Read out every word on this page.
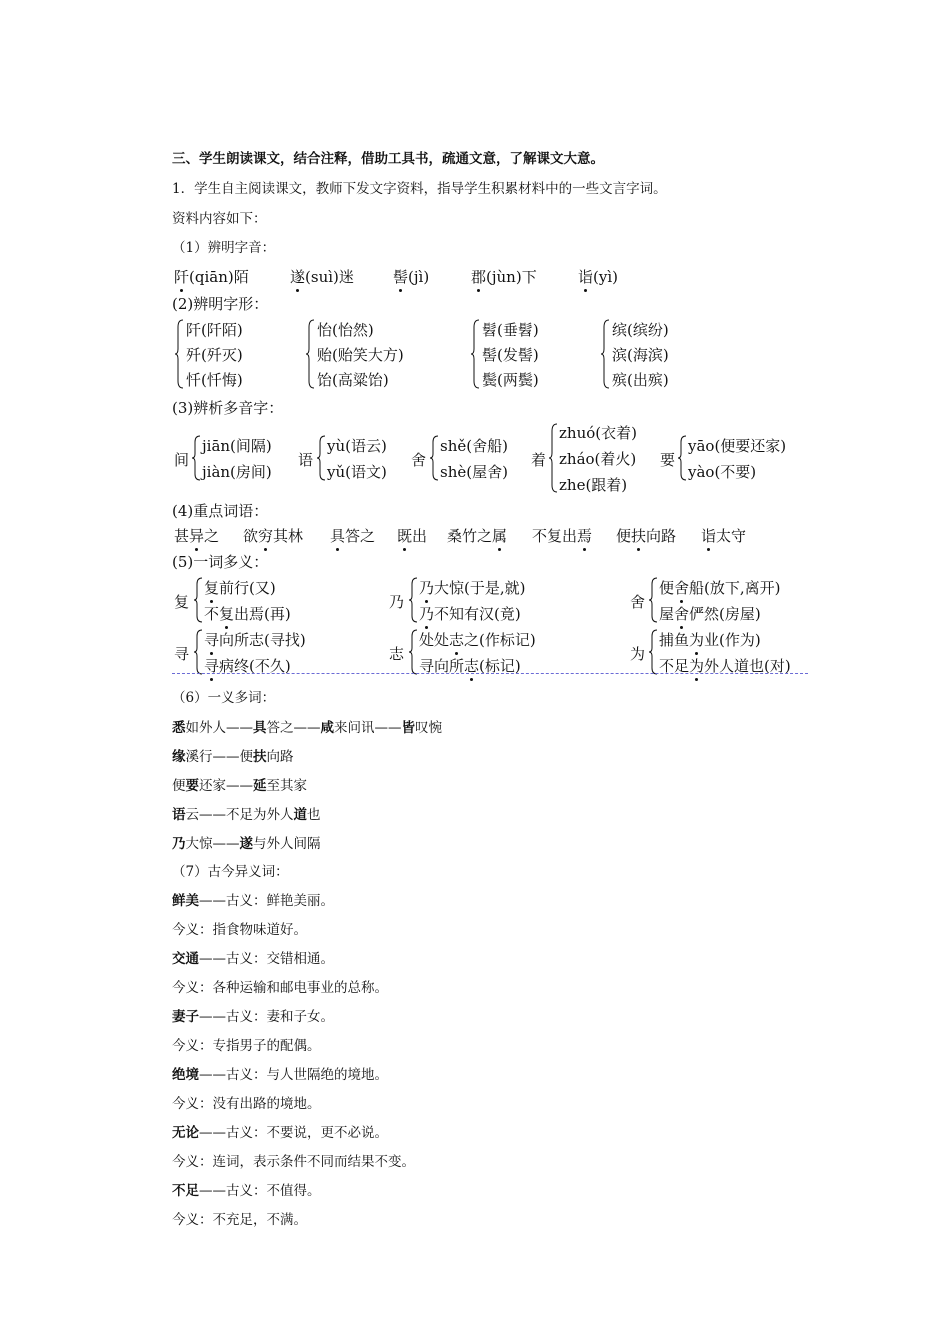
三、学生朗读课文，结合注释，借助工具书，疏通文意，了解课文大意。
1．学生自主阅读课文，教师下发文字资料，指导学生积累材料中的一些文言字词。
资料内容如下：
（1）辨明字音：
阡(qiān)陌	遂(suì)迷	髻(jì)	郡(jùn)下	诣(yì)
(2)辨明字形：
阡(阡陌)
歼(歼灭)
忏(忏悔)
怡(怡然)
贻(贻笑大方)
饴(高粱饴)
髫(垂髫)
髻(发髻)
鬓(两鬓)
缤(缤纷)
滨(海滨)
殡(出殡)
(3)辨析多音字：
间
jiān(间隔)
jiàn(房间)
语
yù(语云)
yǔ(语文)
舍
shě(舍船)
shè(屋舍)
着
zhuó(衣着)
zháo(着火)
zhe(跟着)
要
yāo(便要还家)
yào(不要)
(4)重点词语：
甚异之 欲穷其林 具答之 既出 桑竹之属 不复出焉 便扶向路 诣太守
(5)一词多义：
复
复前行(又)
不复出焉(再)
乃
乃大惊(于是,就)
乃不知有汉(竟)
舍
便舍船(放下,离开)
屋舍俨然(房屋)
寻
寻向所志(寻找)
寻病终(不久)
志
处处志之(作标记)
寻向所志(标记)
为
捕鱼为业(作为)
不足为外人道也(对)
（6）一义多词：
悉如外人——具答之——咸来问讯——皆叹惋
缘溪行——便扶向路
便要还家——延至其家
语云——不足为外人道也
乃大惊——遂与外人间隔
（7）古今异义词：
鲜美——古义：鲜艳美丽。
今义：指食物味道好。
交通——古义：交错相通。
今义：各种运输和邮电事业的总称。
妻子——古义：妻和子女。
今义：专指男子的配偶。
绝境——古义：与人世隔绝的境地。
今义：没有出路的境地。
无论——古义：不要说，更不必说。
今义：连词，表示条件不同而结果不变。
不足——古义：不值得。
今义：不充足，不满。
